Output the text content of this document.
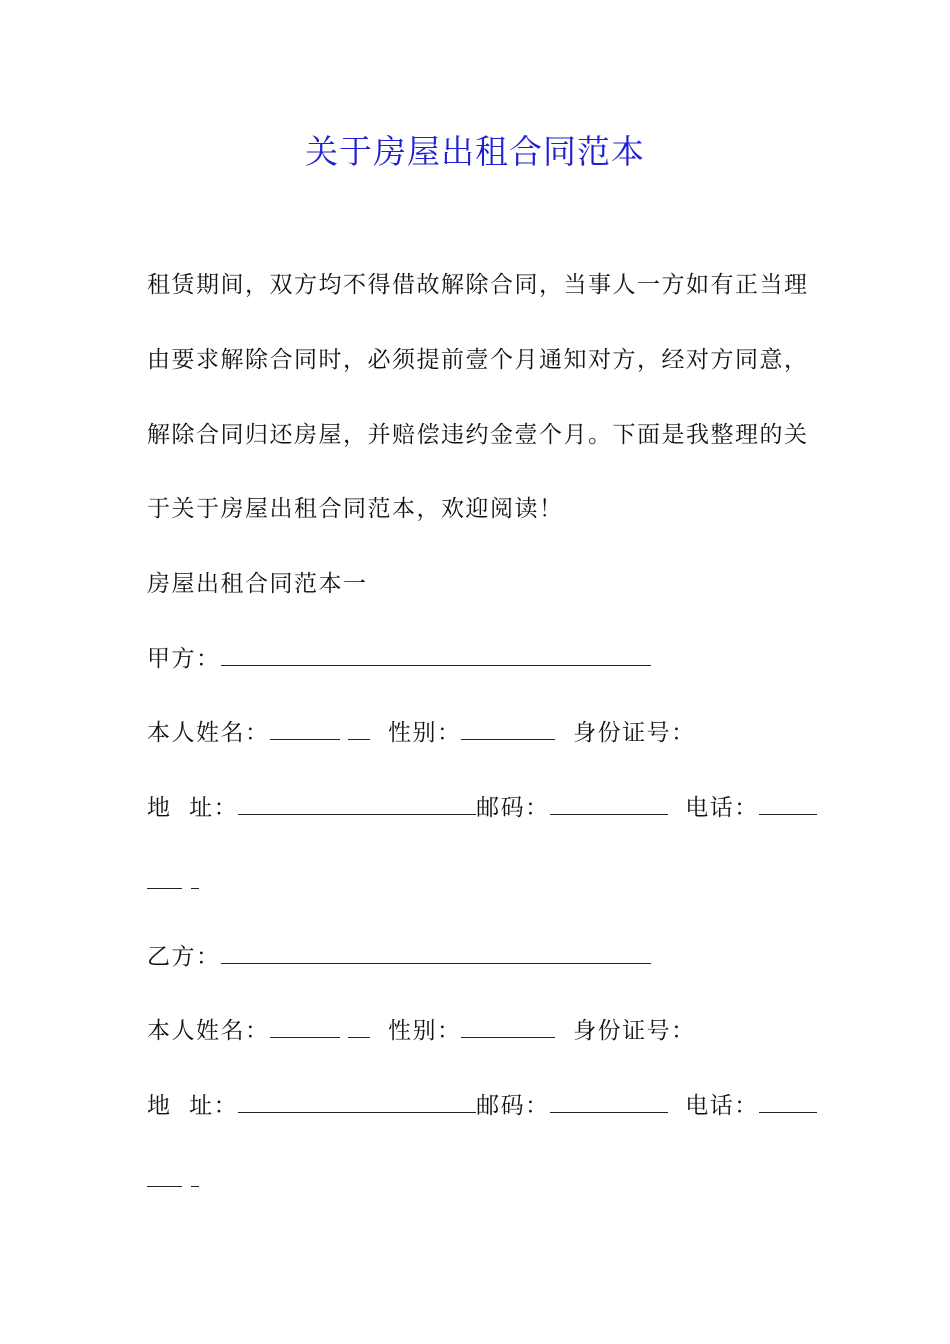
关于房屋出租合同范本
租赁期间，双方均不得借故解除合同，当事人一方如有正当理
由要求解除合同时，必须提前壹个月通知对方，经对方同意，
解除合同归还房屋，并赔偿违约金壹个月。下面是我整理的关
于关于房屋出租合同范本，欢迎阅读！
房屋出租合同范本一
甲方：
本人姓名：	性别：	身份证号：
地  址：	邮码：	电话：

乙方：
本人姓名：	性别：	身份证号：
地  址：	邮码：	电话：
